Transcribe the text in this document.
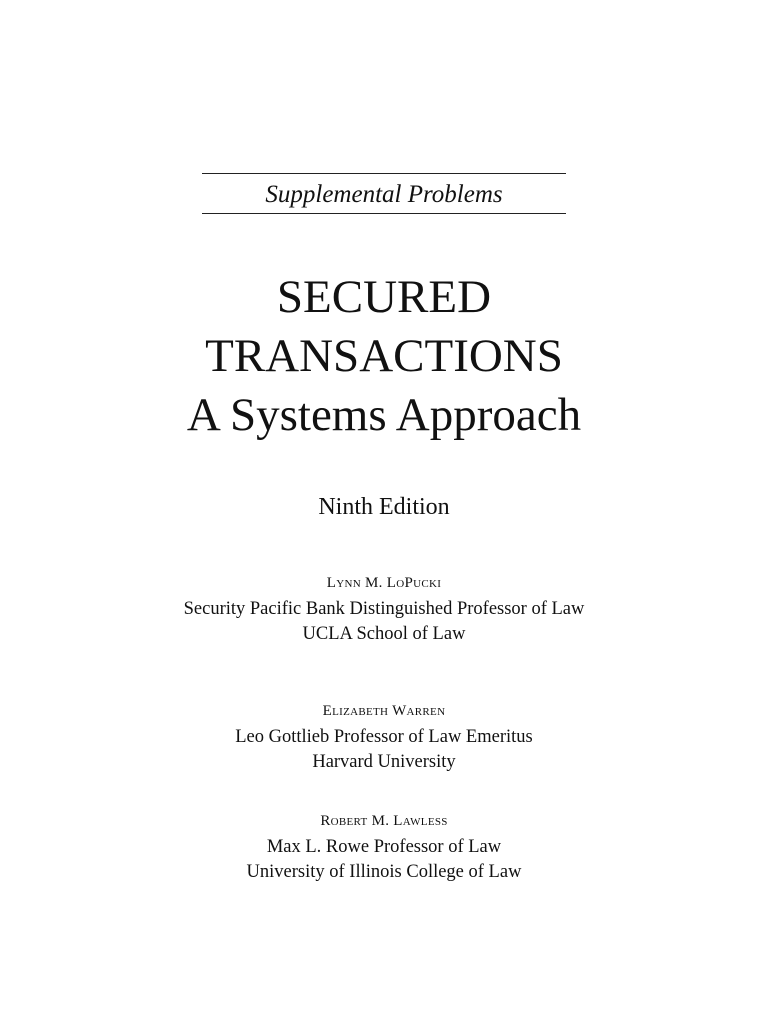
Supplemental Problems
SECURED
TRANSACTIONS
A Systems Approach
Ninth Edition
Lynn M. LoPucki
Security Pacific Bank Distinguished Professor of Law
UCLA School of Law
Elizabeth Warren
Leo Gottlieb Professor of Law Emeritus
Harvard University
Robert M. Lawless
Max L. Rowe Professor of Law
University of Illinois College of Law
